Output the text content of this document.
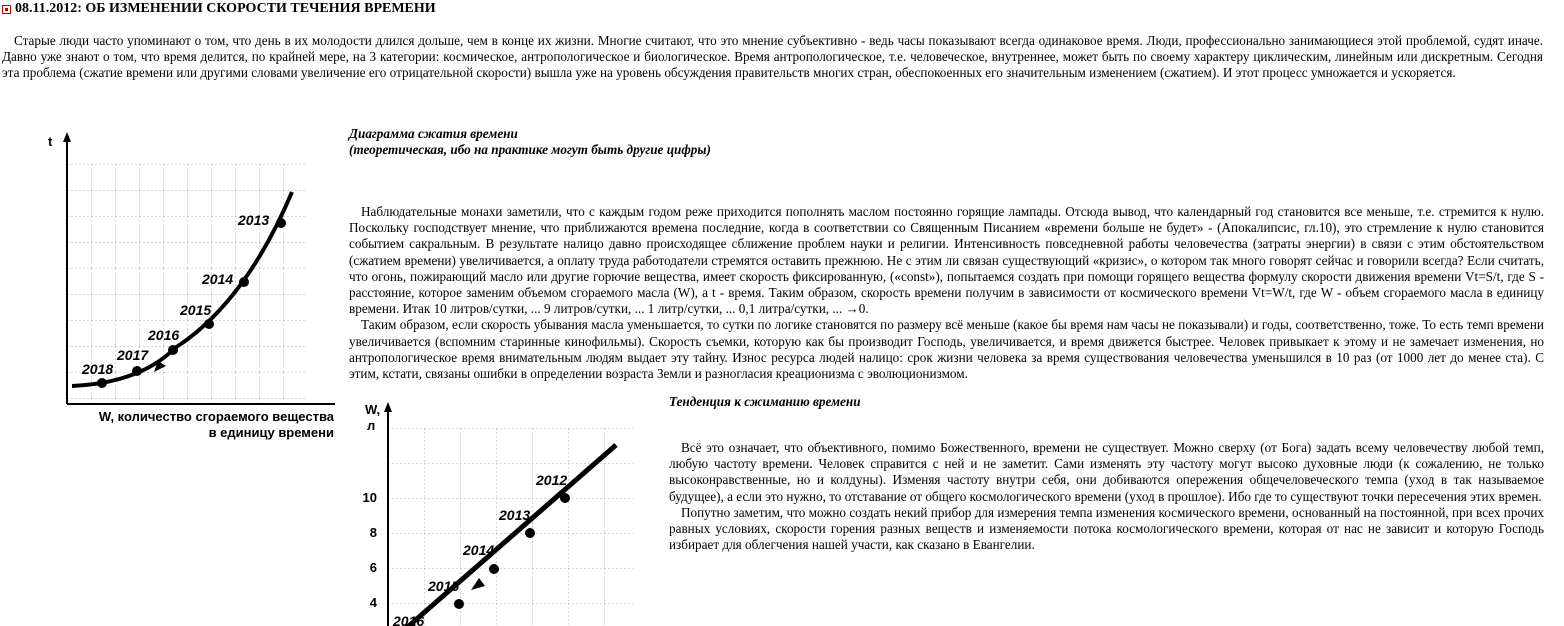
08.11.2012: ОБ ИЗМЕНЕНИИ СКОРОСТИ ТЕЧЕНИЯ ВРЕМЕНИ

Старые люди часто упоминают о том, что день в их молодости длился дольше, чем в конце их жизни. Многие считают, что это мнение субъективно - ведь часы показывают всегда одинаковое время. Люди, профессионально занимающиеся этой проблемой, судят иначе. Давно уже знают о том, что время делится, по крайней мере, на 3 категории: космическое, антропологическое и биологическое. Время антропологическое, т.е. человеческое, внутреннее, может быть по своему характеру циклическим, линейным или дискретным. Сегодня эта проблема (сжатие времени или другими словами увеличение его отрицательной скорости) вышла уже на уровень обсуждения правительств многих стран, обеспокоенных его значительным изменением (сжатием). И этот процесс умножается и ускоряется.

t
2018
2017
2016
2015
2014
2013
W, количество сгораемого вещества
в единицу времени
Диаграмма сжатия времени
(теоретическая, ибо на практике могут быть другие цифры)

Наблюдательные монахи заметили, что с каждым годом реже приходится пополнять маслом постоянно горящие лампады. Отсюда вывод, что календарный год становится все меньше, т.е. стремится к нулю. Поскольку господствует мнение, что приближаются времена последние, когда в соответствии со Священным Писанием «времени больше не будет» - (Апокалипсис, гл.10), это стремление к нулю становится событием сакральным. В результате налицо давно происходящее сближение проблем науки и религии. Интенсивность повседневной работы человечества (затраты энергии) в связи с этим обстоятельством (сжатием времени) увеличивается, а оплату труда работодатели стремятся оставить прежнюю. Не с этим ли связан существующий «кризис», о котором так много говорят сейчас и говорили всегда? Если считать, что огонь, пожирающий масло или другие горючие вещества, имеет скорость фиксированную, («const»), попытаемся создать при помощи горящего вещества формулу скорости движения времени Vt=S/t, где S - расстояние, которое заменим объемом сгораемого масла (W), а t - время. Таким образом, скорость времени получим в зависимости от космического времени Vt=W/t, где W - объем сгораемого масла в единицу времени. Итак 10 литров/сутки, ... 9 литров/сутки, ... 1 литр/сутки, ... 0,1 литра/сутки, ... →0.

Таким образом, если скорость убывания масла уменьшается, то сутки по логике становятся по размеру всё меньше (какое бы время нам часы не показывали) и годы, соответственно, тоже. То есть темп времени увеличивается (вспомним старинные кинофильмы). Скорость съемки, которую как бы производит Господь, увеличивается, и время движется быстрее. Человек привыкает к этому и не замечает изменения, но антропологическое время внимательным людям выдает эту тайну. Износ ресурса людей налицо: срок жизни человека за время существования человечества уменьшился в 10 раз (от 1000 лет до менее ста). С этим, кстати, связаны ошибки в определении возраста Земли и разногласия креационизма с эволюционизмом.

W,
л
10
8
6
4
2016
2015
2014
2013
2012
Тенденция к сжиманию времени

Всё это означает, что объективного, помимо Божественного, времени не существует. Можно сверху (от Бога) задать всему человечеству любой темп, любую частоту времени. Человек справится с ней и не заметит. Сами изменять эту частоту могут высоко духовные люди (к сожалению, не только высоконравственные, но и колдуны). Изменяя частоту внутри себя, они добиваются опережения общечеловеческого темпа (уход в так называемое будущее), а если это нужно, то отставание от общего космологического времени (уход в прошлое). Ибо где то существуют точки пересечения этих времен.

Попутно заметим, что можно создать некий прибор для измерения темпа изменения космического времени, основанный на постоянной, при всех прочих равных условиях, скорости горения разных веществ и изменяемости потока космологического времени, которая от нас не зависит и которую Господь избирает для облегчения нашей участи, как сказано в Евангелии.
